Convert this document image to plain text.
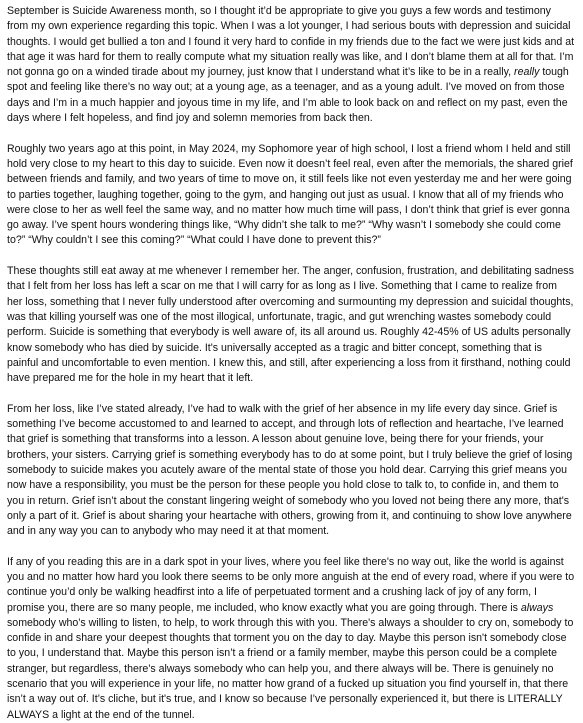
September is Suicide Awareness month, so I thought it’d be appropriate to give you guys a few words and testimony from my own experience regarding this topic. When I was a lot younger, I had serious bouts with depression and suicidal thoughts. I would get bullied a ton and I found it very hard to confide in my friends due to the fact we were just kids and at that age it was hard for them to really compute what my situation really was like, and I don’t blame them at all for that. I’m not gonna go on a winded tirade about my journey, just know that I understand what it’s like to be in a really, really tough spot and feeling like there’s no way out; at a young age, as a teenager, and as a young adult. I’ve moved on from those days and I’m in a much happier and joyous time in my life, and I’m able to look back on and reflect on my past, even the days where I felt hopeless, and find joy and solemn memories from back then.

Roughly two years ago at this point, in May 2024, my Sophomore year of high school, I lost a friend whom I held and still hold very close to my heart to this day to suicide. Even now it doesn’t feel real, even after the memorials, the shared grief between friends and family, and two years of time to move on, it still feels like not even yesterday me and her were going to parties together, laughing together, going to the gym, and hanging out just as usual. I know that all of my friends who were close to her as well feel the same way, and no matter how much time will pass, I don’t think that grief is ever gonna go away. I’ve spent hours wondering things like, “Why didn’t she talk to me?” “Why wasn’t I somebody she could come to?” “Why couldn’t I see this coming?” “What could I have done to prevent this?”

These thoughts still eat away at me whenever I remember her. The anger, confusion, frustration, and debilitating sadness that I felt from her loss has left a scar on me that I will carry for as long as I live. Something that I came to realize from her loss, something that I never fully understood after overcoming and surmounting my depression and suicidal thoughts, was that killing yourself was one of the most illogical, unfortunate, tragic, and gut wrenching wastes somebody could perform. Suicide is something that everybody is well aware of, its all around us. Roughly 42-45% of US adults personally know somebody who has died by suicide. It's universally accepted as a tragic and bitter concept, something that is painful and uncomfortable to even mention. I knew this, and still, after experiencing a loss from it firsthand, nothing could have prepared me for the hole in my heart that it left.

From her loss, like I’ve stated already, I’ve had to walk with the grief of her absence in my life every day since. Grief is something I’ve become accustomed to and learned to accept, and through lots of reflection and heartache, I’ve learned that grief is something that transforms into a lesson. A lesson about genuine love, being there for your friends, your brothers, your sisters. Carrying grief is something everybody has to do at some point, but I truly believe the grief of losing somebody to suicide makes you acutely aware of the mental state of those you hold dear. Carrying this grief means you now have a responsibility, you must be the person for these people you hold close to talk to, to confide in, and them to you in return. Grief isn’t about the constant lingering weight of somebody who you loved not being there any more, that's only a part of it. Grief is about sharing your heartache with others, growing from it, and continuing to show love anywhere and in any way you can to anybody who may need it at that moment.

If any of you reading this are in a dark spot in your lives, where you feel like there's no way out, like the world is against you and no matter how hard you look there seems to be only more anguish at the end of every road, where if you were to continue you’d only be walking headfirst into a life of perpetuated torment and a crushing lack of joy of any form, I promise you, there are so many people, me included, who know exactly what you are going through. There is always somebody who’s willing to listen, to help, to work through this with you. There's always a shoulder to cry on, somebody to confide in and share your deepest thoughts that torment you on the day to day. Maybe this person isn't somebody close to you, I understand that. Maybe this person isn’t a friend or a family member, maybe this person could be a complete stranger, but regardless, there's always somebody who can help you, and there always will be. There is genuinely no scenario that you will experience in your life, no matter how grand of a fucked up situation you find yourself in, that there isn’t a way out of. It’s cliche, but it's true, and I know so because I’ve personally experienced it, but there is LITERALLY ALWAYS a light at the end of the tunnel.
